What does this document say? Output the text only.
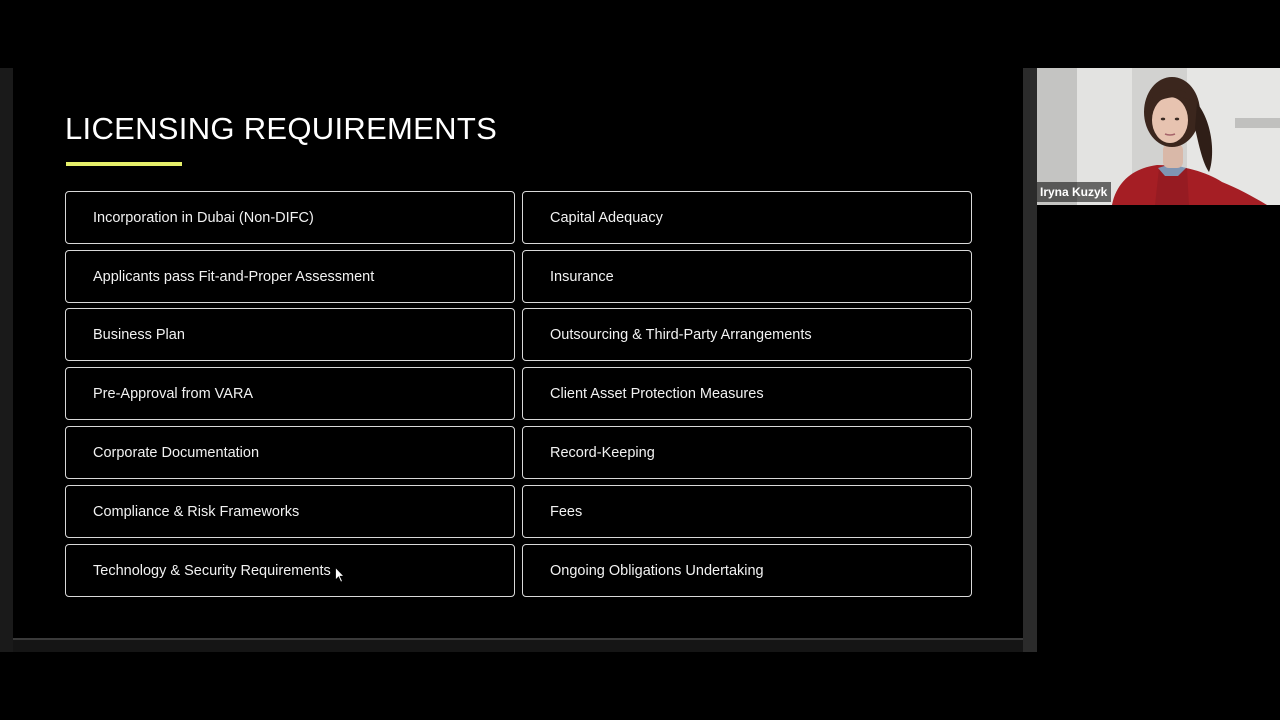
LICENSING REQUIREMENTS
Incorporation in Dubai (Non-DIFC)
Applicants pass Fit-and-Proper Assessment
Business Plan
Pre-Approval from VARA
Corporate Documentation
Compliance & Risk Frameworks
Technology & Security Requirements
Capital Adequacy
Insurance
Outsourcing & Third-Party Arrangements
Client Asset Protection Measures
Record-Keeping
Fees
Ongoing Obligations Undertaking
Iryna Kuzyk
